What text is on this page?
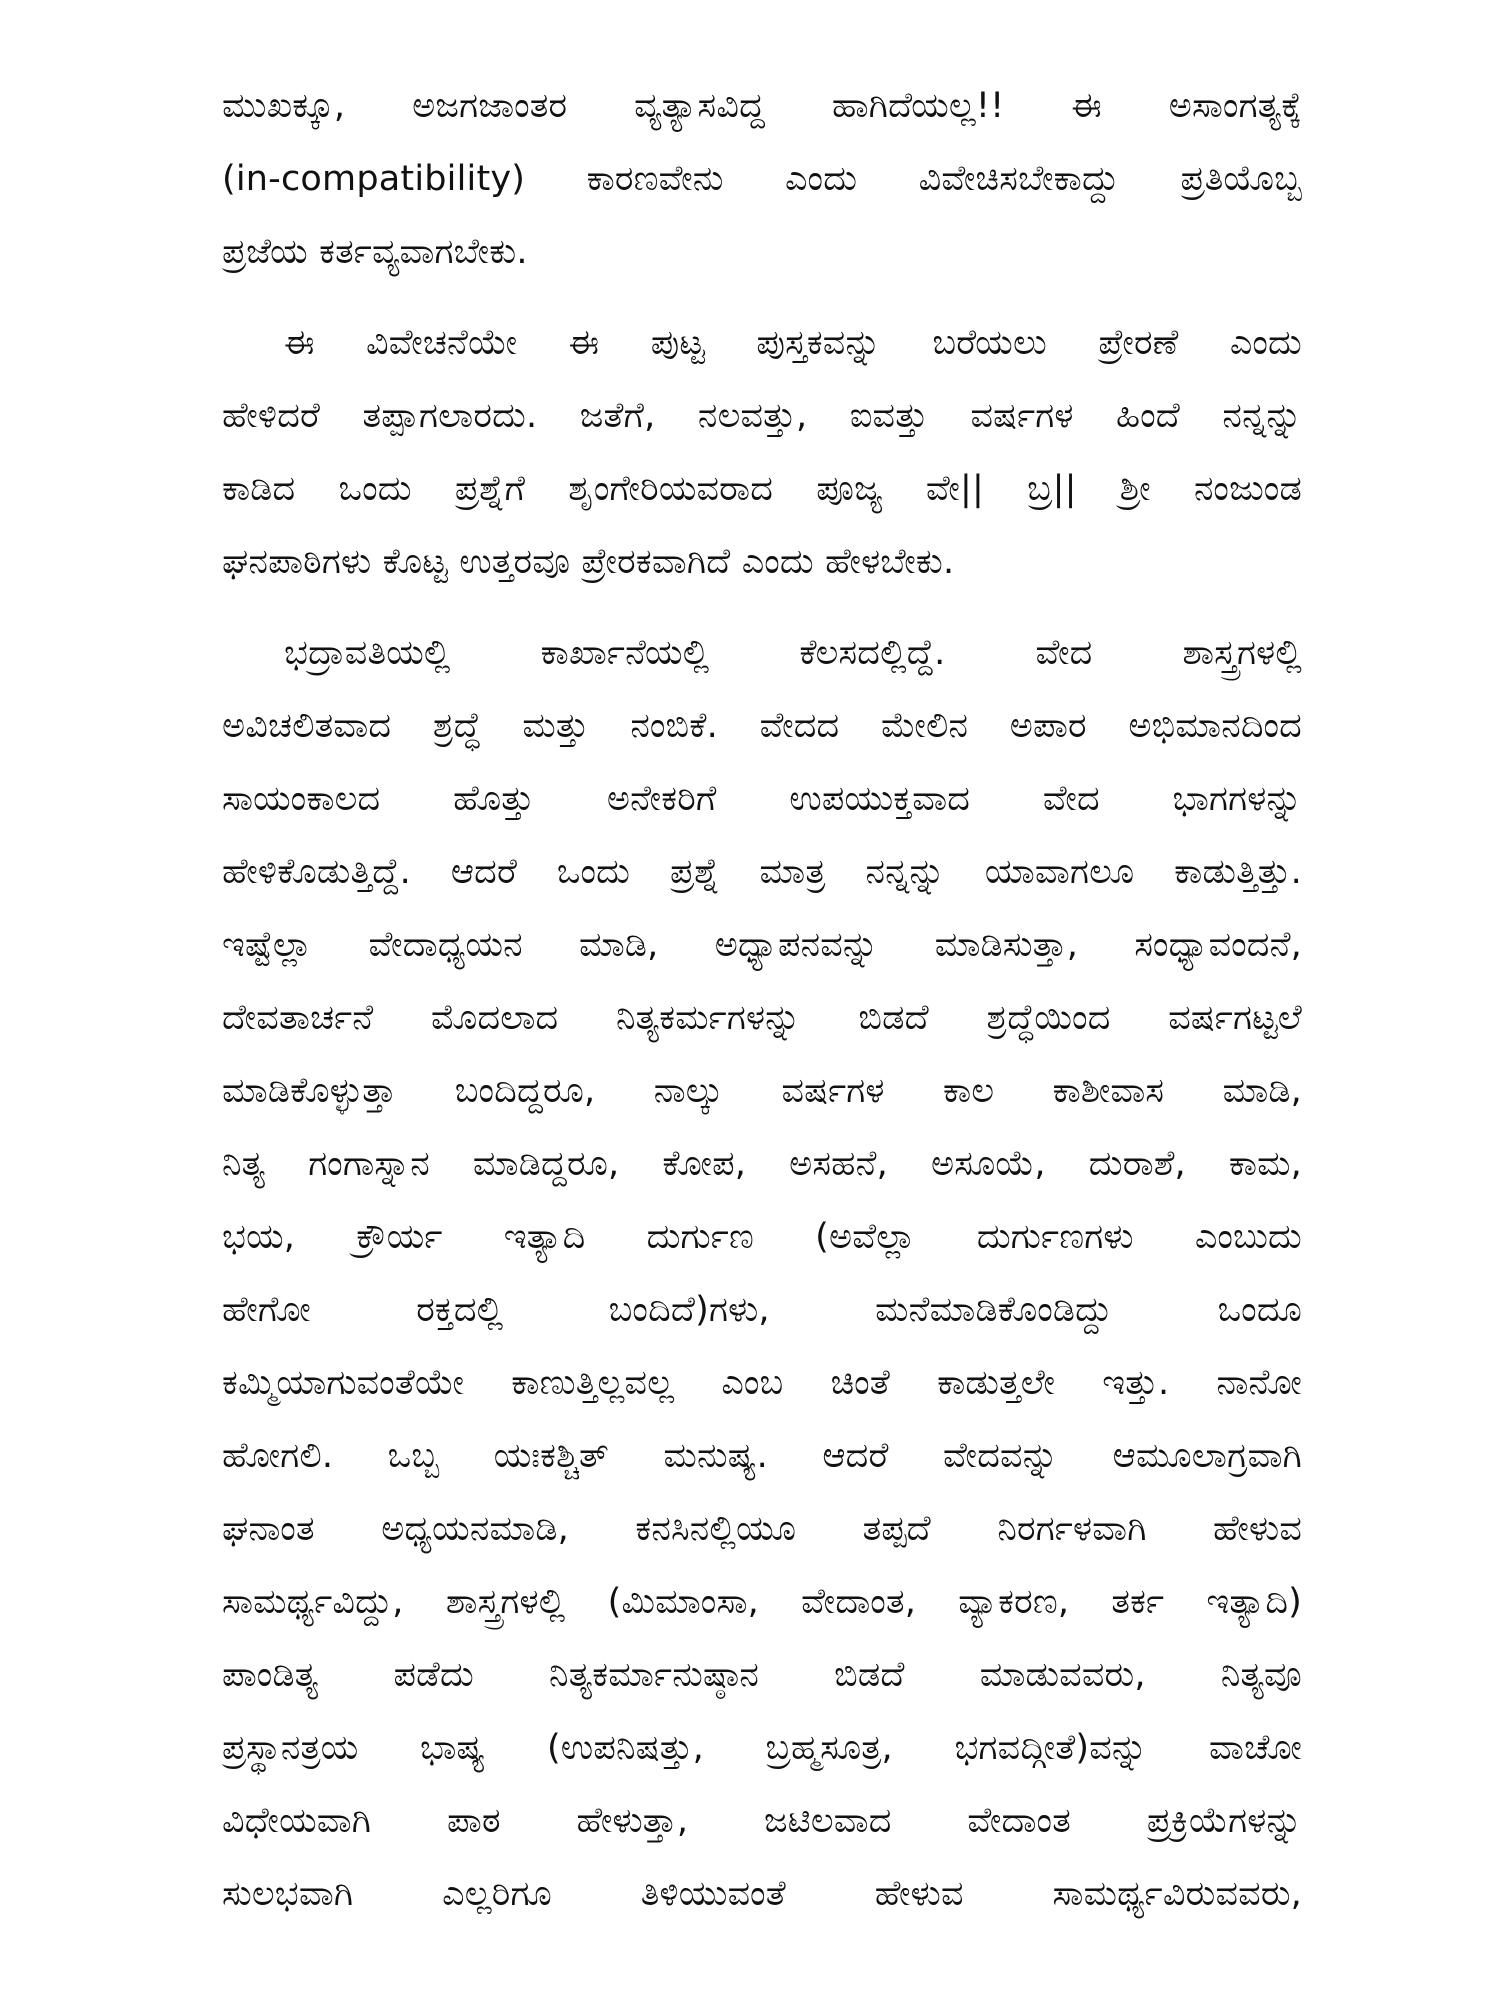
ಮುಖಕ್ಕೂ, ಅಜಗಜಾಂತರ ವ್ಯತ್ಯಾಸವಿದ್ದ ಹಾಗಿದೆಯಲ್ಲ!! ಈ ಅಸಾಂಗತ್ಯಕ್ಕೆ
(in-compatibility) ಕಾರಣವೇನು ಎಂದು ವಿವೇಚಿಸಬೇಕಾದ್ದು ಪ್ರತಿಯೊಬ್ಬ
ಪ್ರಜೆಯ ಕರ್ತವ್ಯವಾಗಬೇಕು.

ಈ ವಿವೇಚನೆಯೇ ಈ ಪುಟ್ಟ ಪುಸ್ತಕವನ್ನು ಬರೆಯಲು ಪ್ರೇರಣೆ ಎಂದು
ಹೇಳಿದರೆ ತಪ್ಪಾಗಲಾರದು. ಜತೆಗೆ, ನಲವತ್ತು, ಐವತ್ತು ವರ್ಷಗಳ ಹಿಂದೆ ನನ್ನನ್ನು
ಕಾಡಿದ ಒಂದು ಪ್ರಶ್ನೆಗೆ ಶೃಂಗೇರಿಯವರಾದ ಪೂಜ್ಯ ವೇ|| ಬ್ರ|| ಶ್ರೀ ನಂಜುಂಡ
ಘನಪಾಠಿಗಳು ಕೊಟ್ಟ ಉತ್ತರವೂ ಪ್ರೇರಕವಾಗಿದೆ ಎಂದು ಹೇಳಬೇಕು.

ಭದ್ರಾವತಿಯಲ್ಲಿ ಕಾರ್ಖಾನೆಯಲ್ಲಿ ಕೆಲಸದಲ್ಲಿದ್ದೆ. ವೇದ ಶಾಸ್ತ್ರಗಳಲ್ಲಿ
ಅವಿಚಲಿತವಾದ ಶ್ರದ್ಧೆ ಮತ್ತು ನಂಬಿಕೆ. ವೇದದ ಮೇಲಿನ ಅಪಾರ ಅಭಿಮಾನದಿಂದ
ಸಾಯಂಕಾಲದ ಹೊತ್ತು ಅನೇಕರಿಗೆ ಉಪಯುಕ್ತವಾದ ವೇದ ಭಾಗಗಳನ್ನು
ಹೇಳಿಕೊಡುತ್ತಿದ್ದೆ. ಆದರೆ ಒಂದು ಪ್ರಶ್ನೆ ಮಾತ್ರ ನನ್ನನ್ನು ಯಾವಾಗಲೂ ಕಾಡುತ್ತಿತ್ತು.
ಇಷ್ಟೆಲ್ಲಾ ವೇದಾಧ್ಯಯನ ಮಾಡಿ, ಅಧ್ಯಾಪನವನ್ನು ಮಾಡಿಸುತ್ತಾ, ಸಂಧ್ಯಾವಂದನೆ,
ದೇವತಾರ್ಚನೆ ಮೊದಲಾದ ನಿತ್ಯಕರ್ಮಗಳನ್ನು ಬಿಡದೆ ಶ್ರದ್ಧೆಯಿಂದ ವರ್ಷಗಟ್ಟಲೆ
ಮಾಡಿಕೊಳ್ಳುತ್ತಾ ಬಂದಿದ್ದರೂ, ನಾಲ್ಕು ವರ್ಷಗಳ ಕಾಲ ಕಾಶೀವಾಸ ಮಾಡಿ,
ನಿತ್ಯ ಗಂಗಾಸ್ನಾನ ಮಾಡಿದ್ದರೂ, ಕೋಪ, ಅಸಹನೆ, ಅಸೂಯೆ, ದುರಾಶೆ, ಕಾಮ,
ಭಯ, ಕ್ರೌರ್ಯ ಇತ್ಯಾದಿ ದುರ್ಗುಣ (ಅವೆಲ್ಲಾ ದುರ್ಗುಣಗಳು ಎಂಬುದು
ಹೇಗೋ ರಕ್ತದಲ್ಲಿ ಬಂದಿದೆ)ಗಳು, ಮನೆಮಾಡಿಕೊಂಡಿದ್ದು ಒಂದೂ
ಕಮ್ಮಿಯಾಗುವಂತೆಯೇ ಕಾಣುತ್ತಿಲ್ಲವಲ್ಲ ಎಂಬ ಚಿಂತೆ ಕಾಡುತ್ತಲೇ ಇತ್ತು. ನಾನೋ
ಹೋಗಲಿ. ಒಬ್ಬ ಯಃಕಶ್ಚಿತ್ ಮನುಷ್ಯ. ಆದರೆ ವೇದವನ್ನು ಆಮೂಲಾಗ್ರವಾಗಿ
ಘನಾಂತ ಅಧ್ಯಯನಮಾಡಿ, ಕನಸಿನಲ್ಲಿಯೂ ತಪ್ಪದೆ ನಿರರ್ಗಳವಾಗಿ ಹೇಳುವ
ಸಾಮರ್ಥ್ಯವಿದ್ದು, ಶಾಸ್ತ್ರಗಳಲ್ಲಿ (ಮಿಮಾಂಸಾ, ವೇದಾಂತ, ವ್ಯಾಕರಣ, ತರ್ಕ ಇತ್ಯಾದಿ)
ಪಾಂಡಿತ್ಯ ಪಡೆದು ನಿತ್ಯಕರ್ಮಾನುಷ್ಠಾನ ಬಿಡದೆ ಮಾಡುವವರು, ನಿತ್ಯವೂ
ಪ್ರಸ್ಥಾನತ್ರಯ ಭಾಷ್ಯ (ಉಪನಿಷತ್ತು, ಬ್ರಹ್ಮಸೂತ್ರ, ಭಗವದ್ಗೀತೆ)ವನ್ನು ವಾಚೋ
ವಿಧೇಯವಾಗಿ ಪಾಠ ಹೇಳುತ್ತಾ, ಜಟಿಲವಾದ ವೇದಾಂತ ಪ್ರಕ್ರಿಯೆಗಳನ್ನು
ಸುಲಭವಾಗಿ ಎಲ್ಲರಿಗೂ ತಿಳಿಯುವಂತೆ ಹೇಳುವ ಸಾಮರ್ಥ್ಯವಿರುವವರು,
